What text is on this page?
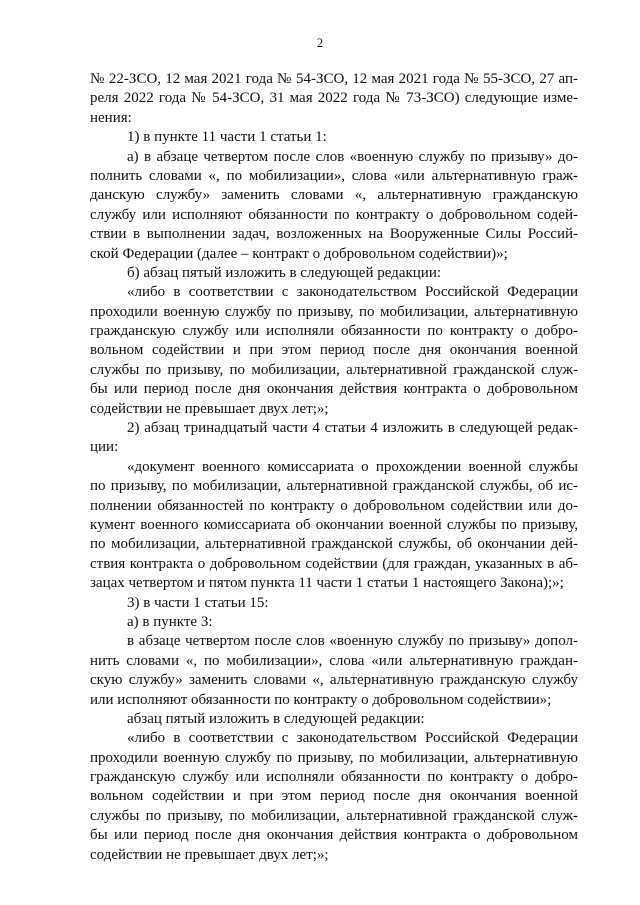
2
№ 22-ЗСО, 12 мая 2021 года № 54-ЗСО, 12 мая 2021 года № 55-ЗСО, 27 ап-
реля 2022 года № 54-ЗСО, 31 мая 2022 года № 73-ЗСО) следующие изме-
нения:
1) в пункте 11 части 1 статьи 1:
а) в абзаце четвертом после слов «военную службу по призыву» до-
полнить словами «, по мобилизации», слова «или альтернативную граж-
данскую службу» заменить словами «, альтернативную гражданскую
службу или исполняют обязанности по контракту о добровольном содей-
ствии в выполнении задач, возложенных на Вооруженные Силы Россий-
ской Федерации (далее – контракт о добровольном содействии)»;
б) абзац пятый изложить в следующей редакции:
«либо в соответствии с законодательством Российской Федерации
проходили военную службу по призыву, по мобилизации, альтернативную
гражданскую службу или исполняли обязанности по контракту о добро-
вольном содействии и при этом период после дня окончания военной
службы по призыву, по мобилизации, альтернативной гражданской служ-
бы или период после дня окончания действия контракта о добровольном
содействии не превышает двух лет;»;
2) абзац тринадцатый части 4 статьи 4 изложить в следующей редак-
ции:
«документ военного комиссариата о прохождении военной службы
по призыву, по мобилизации, альтернативной гражданской службы, об ис-
полнении обязанностей по контракту о добровольном содействии или до-
кумент военного комиссариата об окончании военной службы по призыву,
по мобилизации, альтернативной гражданской службы, об окончании дей-
ствия контракта о добровольном содействии (для граждан, указанных в аб-
зацах четвертом и пятом пункта 11 части 1 статьи 1 настоящего Закона);»;
3) в части 1 статьи 15:
а) в пункте 3:
в абзаце четвертом после слов «военную службу по призыву» допол-
нить словами «, по мобилизации», слова «или альтернативную граждан-
скую службу» заменить словами «, альтернативную гражданскую службу
или исполняют обязанности по контракту о добровольном содействии»;
абзац пятый изложить в следующей редакции:
«либо в соответствии с законодательством Российской Федерации
проходили военную службу по призыву, по мобилизации, альтернативную
гражданскую службу или исполняли обязанности по контракту о добро-
вольном содействии и при этом период после дня окончания военной
службы по призыву, по мобилизации, альтернативной гражданской служ-
бы или период после дня окончания действия контракта о добровольном
содействии не превышает двух лет;»;
